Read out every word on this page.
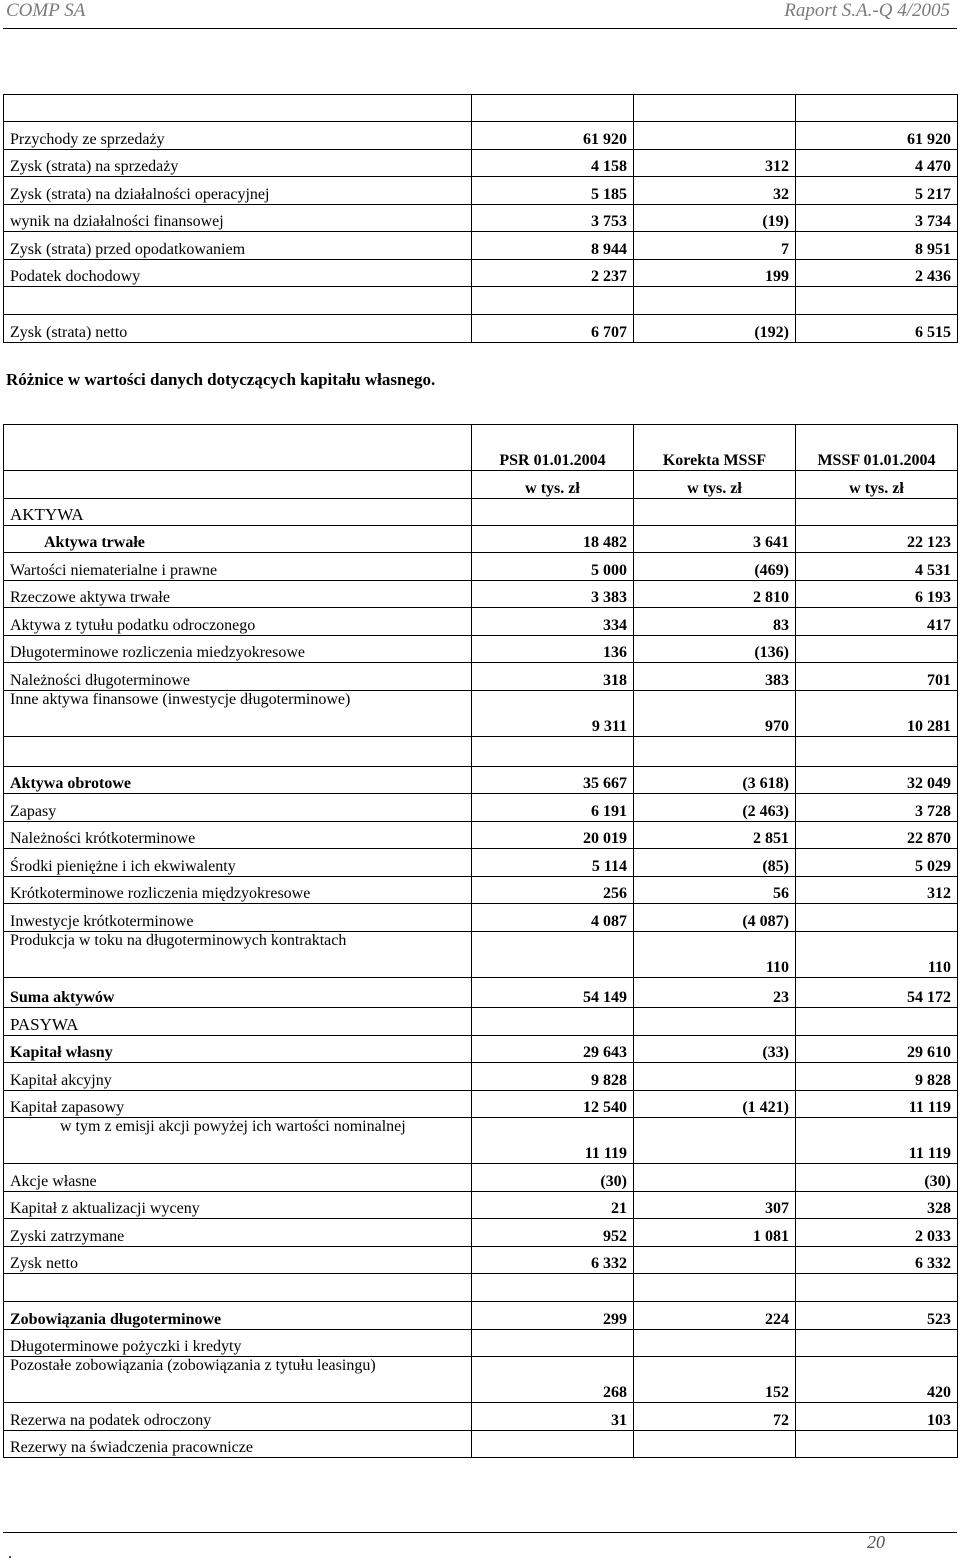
COMP SA	Raport S.A.-Q 4/2005

Przychody ze sprzedaży	61 920		61 920
Zysk (strata) na sprzedaży	4 158	312	4 470
Zysk (strata) na działalności operacyjnej	5 185	32	5 217
wynik na działalności finansowej	3 753	(19)	3 734
Zysk (strata) przed opodatkowaniem	8 944	7	8 951
Podatek dochodowy	2 237	199	2 436

Zysk (strata) netto	6 707	(192)	6 515
Różnice w wartości danych dotyczących kapitału własnego.
	PSR 01.01.2004	Korekta MSSF	MSSF 01.01.2004
	w tys. zł	w tys. zł	w tys. zł
AKTYWA			
Aktywa trwałe	18 482	3 641	22 123
Wartości niematerialne i prawne	5 000	(469)	4 531
Rzeczowe aktywa trwałe	3 383	2 810	6 193
Aktywa z tytułu podatku odroczonego	334	83	417
Długoterminowe rozliczenia miedzyokresowe	136	(136)	
Należności długoterminowe	318	383	701
Inne aktywa finansowe (inwestycje długoterminowe)	9 311	970	10 281

Aktywa obrotowe	35 667	(3 618)	32 049
Zapasy	6 191	(2 463)	3 728
Należności krótkoterminowe	20 019	2 851	22 870
Środki pieniężne i ich ekwiwalenty	5 114	(85)	5 029
Krótkoterminowe rozliczenia międzyokresowe	256	56	312
Inwestycje krótkoterminowe	4 087	(4 087)	
Produkcja w toku na długoterminowych kontraktach		110	110
Suma aktywów	54 149	23	54 172
PASYWA			
Kapitał własny	29 643	(33)	29 610
Kapitał akcyjny	9 828		9 828
Kapitał zapasowy	12 540	(1 421)	11 119
w tym z emisji akcji powyżej ich wartości nominalnej	11 119		11 119
Akcje własne	(30)		(30)
Kapitał z aktualizacji wyceny	21	307	328
Zyski zatrzymane	952	1 081	2 033
Zysk netto	6 332		6 332

Zobowiązania długoterminowe	299	224	523
Długoterminowe pożyczki i kredyty			
Pozostałe zobowiązania (zobowiązania z tytułu leasingu)	268	152	420
Rezerwa na podatek odroczony	31	72	103
Rezerwy na świadczenia pracownicze			
20
.
